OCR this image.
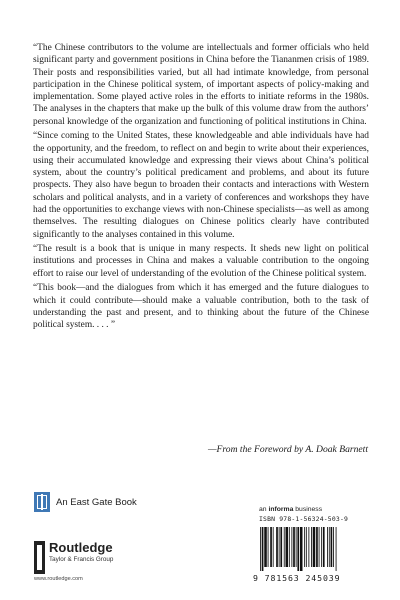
“The Chinese contributors to the volume are intellectuals and former officials who held significant party and government positions in China before the Tiananmen crisis of 1989. Their posts and responsibilities varied, but all had intimate knowledge, from personal participation in the Chinese political system, of important aspects of policy-making and implementation. Some played active roles in the efforts to initiate reforms in the 1980s. The analyses in the chapters that make up the bulk of this volume draw from the authors’ personal knowledge of the organization and functioning of political institutions in China.

“Since coming to the United States, these knowledgeable and able individuals have had the opportunity, and the freedom, to reflect on and begin to write about their experiences, using their accumulated knowledge and expressing their views about China’s political system, about the country’s political predicament and problems, and about its future prospects. They also have begun to broaden their contacts and interactions with Western scholars and political analysts, and in a variety of conferences and workshops they have had the opportunities to exchange views with non-Chinese specialists—as well as among themselves. The resulting dialogues on Chinese politics clearly have contributed significantly to the analyses contained in this volume.

“The result is a book that is unique in many respects. It sheds new light on political institutions and processes in China and makes a valuable contribution to the ongoing effort to raise our level of understanding of the evolution of the Chinese political system.

“This book—and the dialogues from which it has emerged and the future dialogues to which it could contribute—should make a valuable contribution, both to the task of understanding the past and present, and to thinking about the future of the Chinese political system. . . . ”

—From the Foreword by A. Doak Barnett
An East Gate Book
Routledge
Taylor & Francis Group
www.routledge.com
an informa business
ISBN 978-1-56324-503-9
9 781563 245039
